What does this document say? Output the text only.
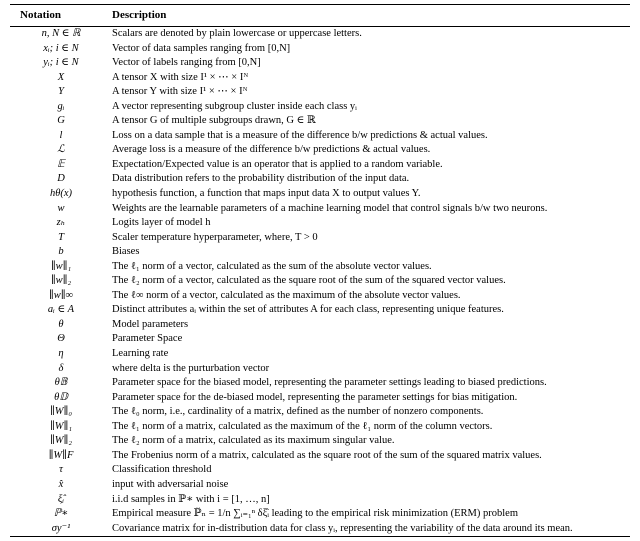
Notation	Description
n, N ∈ ℝ	Scalars are denoted by plain lowercase or uppercase letters.
xᵢ; i ∈ N	Vector of data samples ranging from [0,N]
yᵢ; i ∈ N	Vector of labels ranging from [0,N]
X	A tensor X with size I¹ × ⋯ × Iᴺ
Y	A tensor Y with size I¹ × ⋯ × Iᴺ
gᵢ	A vector representing subgroup cluster inside each class yᵢ
G	A tensor G of multiple subgroups drawn, G ∈ ℝ
l	Loss on a data sample that is a measure of the difference b/w predictions & actual values.
ℒ	Average loss is a measure of the difference b/w predictions & actual values.
𝔼	Expectation/Expected value is an operator that is applied to a random variable.
D	Data distribution refers to the probability distribution of the input data.
hθ(x)	hypothesis function, a function that maps input data X to output values Y.
w	Weights are the learnable parameters of a machine learning model that control signals b/w two neurons.
zₕ	Logits layer of model h
T	Scaler temperature hyperparameter, where, T > 0
b	Biases
∥w∥₁	The ℓ₁ norm of a vector, calculated as the sum of the absolute vector values.
∥w∥₂	The ℓ₂ norm of a vector, calculated as the square root of the sum of the squared vector values.
∥w∥∞	The ℓ∞ norm of a vector, calculated as the maximum of the absolute vector values.
aᵢ ∈ A	Distinct attributes aᵢ within the set of attributes A for each class, representing unique features.
θ	Model parameters
Θ	Parameter Space
η	Learning rate
δ	where delta is the purturbation vector
θ𝔹	Parameter space for the biased model, representing the parameter settings leading to biased predictions.
θ𝔻	Parameter space for the de-biased model, representing the parameter settings for bias mitigation.
∥W∥₀	The ℓ₀ norm, i.e., cardinality of a matrix, defined as the number of nonzero components.
∥W∥₁	The ℓ₁ norm of a matrix, calculated as the maximum of the ℓ₁ norm of the column vectors.
∥W∥₂	The ℓ₂ norm of a matrix, calculated as its maximum singular value.
∥W∥F	The Frobenius norm of a matrix, calculated as the square root of the sum of the squared matrix values.
τ	Classification threshold
x̂	input with adversarial noise
ξ̂ᵢ	i.i.d samples in ℙ∗ with i = [1, …, n]
ℙ∗	Empirical measure ℙ̂ₙ = 1/n ∑ᵢ₌₁ⁿ δξ̂ᵢ leading to the empirical risk minimization (ERM) problem
σy⁻¹	Covariance matrix for in-distribution data for class yᵢ, representing the variability of the data around its mean.
